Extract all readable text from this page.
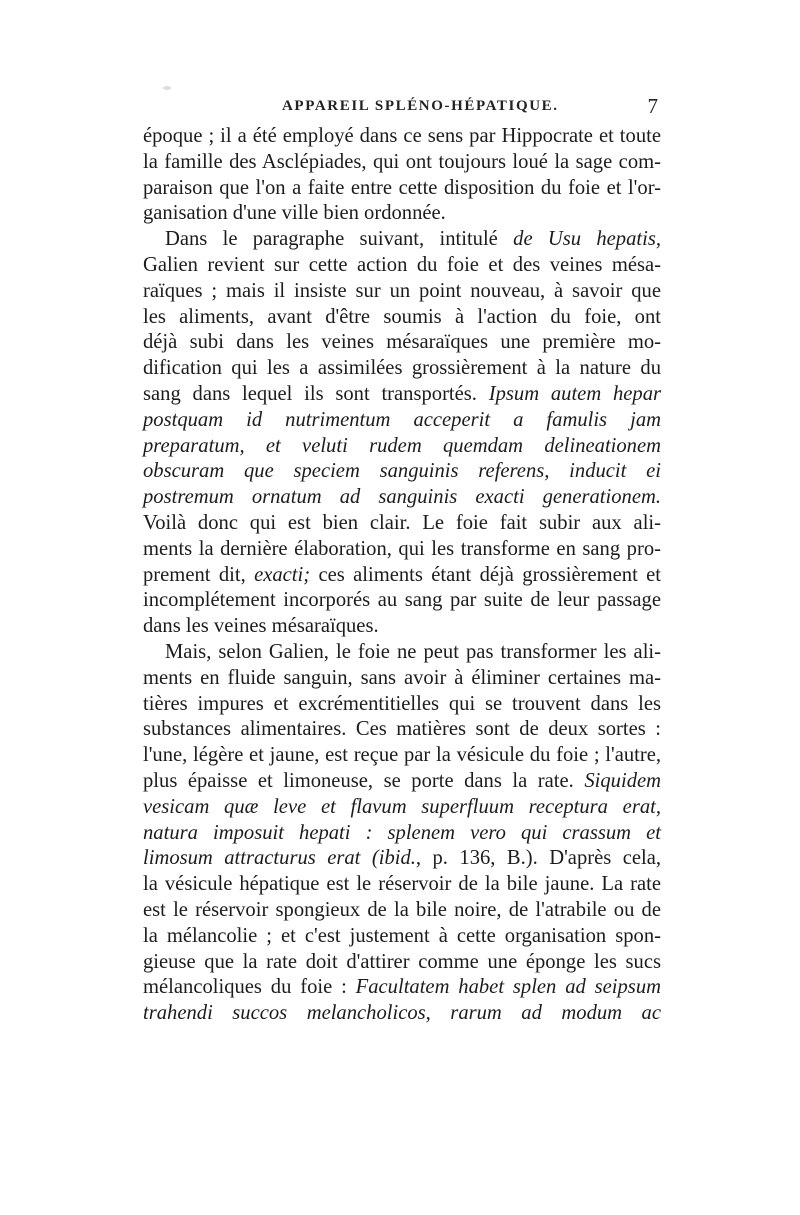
APPAREIL SPLÉNO-HÉPATIQUE.	7
époque ; il a été employé dans ce sens par Hippocrate et toute
la famille des Asclépiades, qui ont toujours loué la sage com-
paraison que l'on a faite entre cette disposition du foie et l'or-
ganisation d'une ville bien ordonnée.
Dans le paragraphe suivant, intitulé de Usu hepatis,
Galien revient sur cette action du foie et des veines mésa-
raïques ; mais il insiste sur un point nouveau, à savoir que
les aliments, avant d'être soumis à l'action du foie, ont
déjà subi dans les veines mésaraïques une première mo-
dification qui les a assimilées grossièrement à la nature du
sang dans lequel ils sont transportés. Ipsum autem hepar
postquam id nutrimentum acceperit a famulis jam
preparatum, et veluti rudem quemdam delineationem
obscuram que speciem sanguinis referens, inducit ei
postremum ornatum ad sanguinis exacti generationem.
Voilà donc qui est bien clair. Le foie fait subir aux ali-
ments la dernière élaboration, qui les transforme en sang pro-
prement dit, exacti; ces aliments étant déjà grossièrement et
incomplétement incorporés au sang par suite de leur passage
dans les veines mésaraïques.
Mais, selon Galien, le foie ne peut pas transformer les ali-
ments en fluide sanguin, sans avoir à éliminer certaines ma-
tières impures et excrémentitielles qui se trouvent dans les
substances alimentaires. Ces matières sont de deux sortes :
l'une, légère et jaune, est reçue par la vésicule du foie ; l'autre,
plus épaisse et limoneuse, se porte dans la rate. Siquidem
vesicam quæ leve et flavum superfluum receptura erat,
natura imposuit hepati : splenem vero qui crassum et
limosum attracturus erat (ibid., p. 136, B.). D'après cela,
la vésicule hépatique est le réservoir de la bile jaune. La rate
est le réservoir spongieux de la bile noire, de l'atrabile ou de
la mélancolie ; et c'est justement à cette organisation spon-
gieuse que la rate doit d'attirer comme une éponge les sucs
mélancoliques du foie : Facultatem habet splen ad seipsum
trahendi succos melancholicos, rarum ad modum ac
